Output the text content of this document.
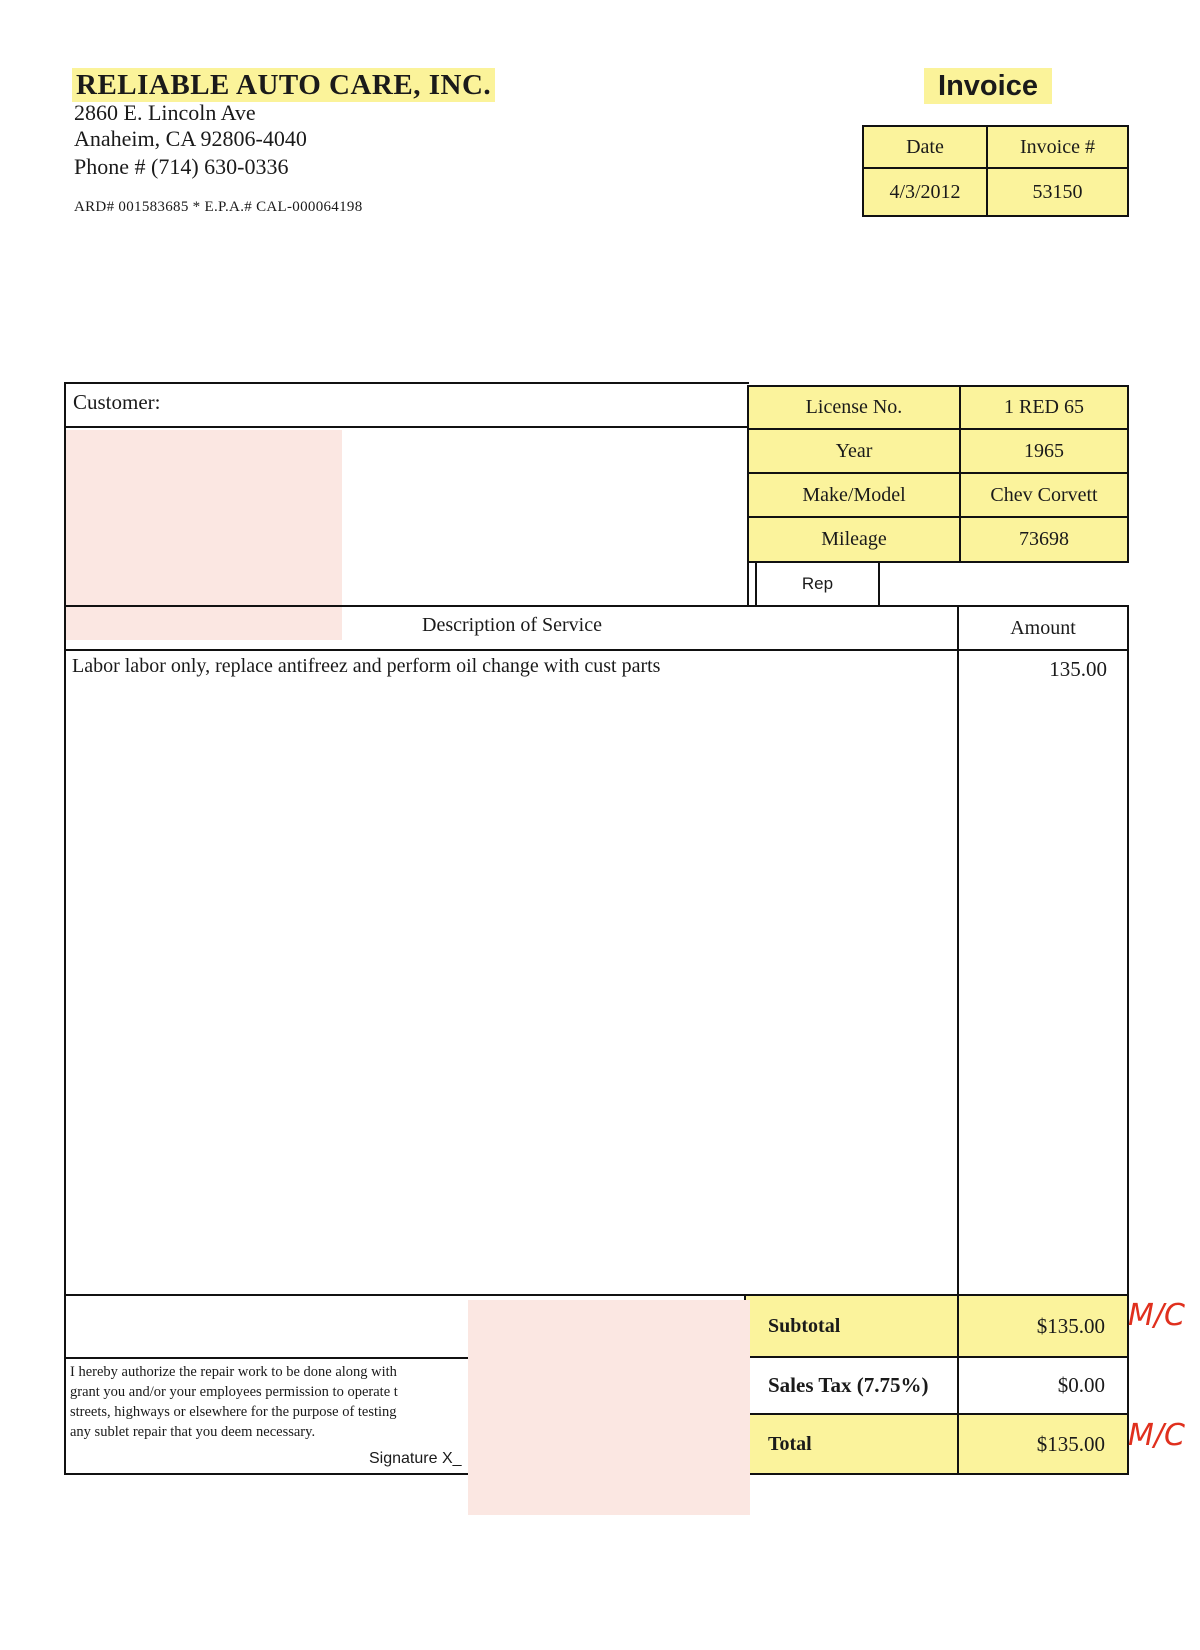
RELIABLE AUTO CARE, INC.
2860 E. Lincoln Ave
Anaheim, CA 92806-4040
Phone # (714) 630-0336
ARD# 001583685 * E.P.A.# CAL-000064198
Invoice
Date	Invoice #
4/3/2012	53150
Customer:	License No.	1 RED 65
Year	1965
Make/Model	Chev Corvett
Mileage	73698
Rep
Description of Service	Amount
Labor labor only, replace antifreez and perform oil change with cust parts	135.00
I hereby authorize the repair work to be done along with
grant you and/or your employees permission to operate t
streets, highways or elsewhere for the purpose of testing
any sublet repair that you deem necessary.
Signature X_
Subtotal	$135.00
Sales Tax (7.75%)	$0.00
Total	$135.00
M/C
M/C
